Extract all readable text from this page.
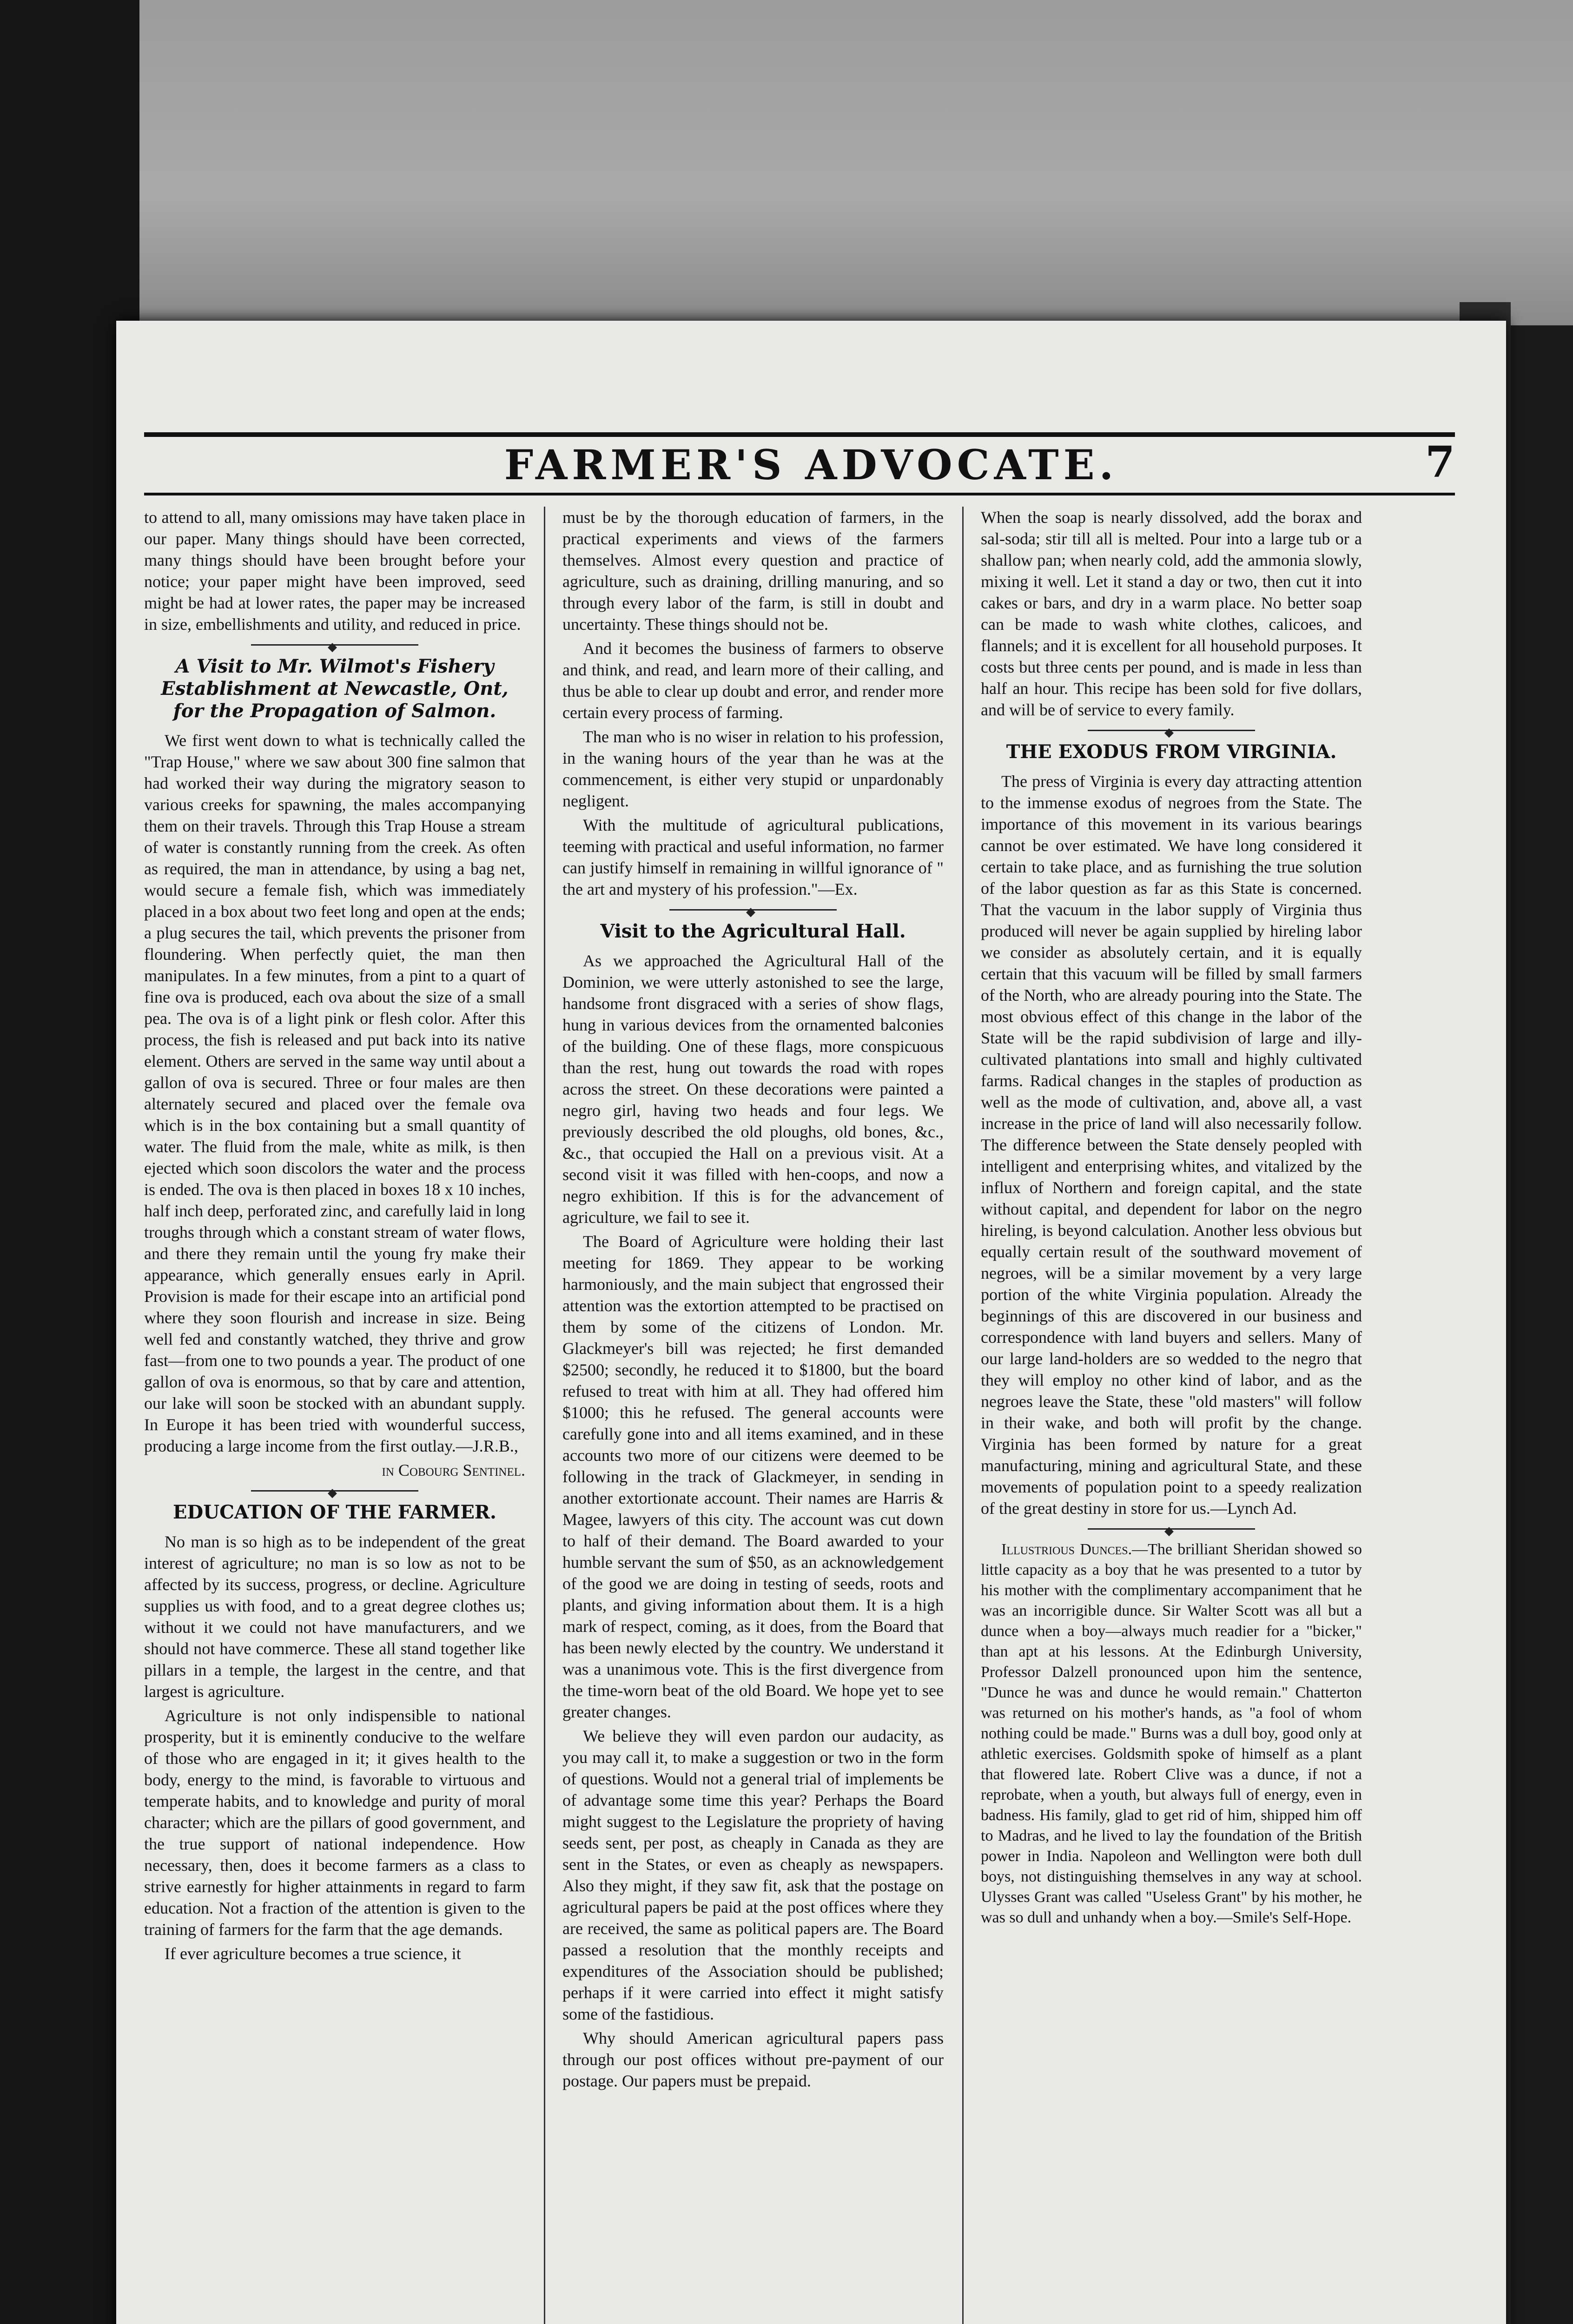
FARMER'S ADVOCATE.	7

to attend to all, many omissions may have taken place in our paper. Many things should have been corrected, many things should have been brought before your notice; your paper might have been improved, seed might be had at lower rates, the paper may be increased in size, embellishments and utility, and reduced in price.

◆
A Visit to Mr. Wilmot's Fishery Establishment at Newcastle, Ont, for the Propagation of Salmon.

We first went down to what is technically called the "Trap House," where we saw about 300 fine salmon that had worked their way during the migratory season to various creeks for spawning, the males accompanying them on their travels. Through this Trap House a stream of water is constantly running from the creek. As often as required, the man in attendance, by using a bag net, would secure a female fish, which was immediately placed in a box about two feet long and open at the ends; a plug secures the tail, which prevents the prisoner from floundering. When perfectly quiet, the man then manipulates. In a few minutes, from a pint to a quart of fine ova is produced, each ova about the size of a small pea. The ova is of a light pink or flesh color. After this process, the fish is released and put back into its native element. Others are served in the same way until about a gallon of ova is secured. Three or four males are then alternately secured and placed over the female ova which is in the box containing but a small quantity of water. The fluid from the male, white as milk, is then ejected which soon discolors the water and the process is ended. The ova is then placed in boxes 18 x 10 inches, half inch deep, perforated zinc, and carefully laid in long troughs through which a constant stream of water flows, and there they remain until the young fry make their appearance, which generally ensues early in April. Provision is made for their escape into an artificial pond where they soon flourish and increase in size. Being well fed and constantly watched, they thrive and grow fast—from one to two pounds a year. The product of one gallon of ova is enormous, so that by care and attention, our lake will soon be stocked with an abundant supply. In Europe it has been tried with wounderful success, producing a large income from the first outlay.—J.R.B.,

in Cobourg Sentinel.

◆
EDUCATION OF THE FARMER.

No man is so high as to be independent of the great interest of agriculture; no man is so low as not to be affected by its success, progress, or decline. Agriculture supplies us with food, and to a great degree clothes us; without it we could not have manufacturers, and we should not have commerce. These all stand together like pillars in a temple, the largest in the centre, and that largest is agriculture.

Agriculture is not only indispensible to national prosperity, but it is eminently conducive to the welfare of those who are engaged in it; it gives health to the body, energy to the mind, is favorable to virtuous and temperate habits, and to knowledge and purity of moral character; which are the pillars of good government, and the true support of national independence. How necessary, then, does it become farmers as a class to strive earnestly for higher attainments in regard to farm education. Not a fraction of the attention is given to the training of farmers for the farm that the age demands.

If ever agriculture becomes a true science, it

must be by the thorough education of farmers, in the practical experiments and views of the farmers themselves. Almost every question and practice of agriculture, such as draining, drilling manuring, and so through every labor of the farm, is still in doubt and uncertainty. These things should not be.

And it becomes the business of farmers to observe and think, and read, and learn more of their calling, and thus be able to clear up doubt and error, and render more certain every process of farming.

The man who is no wiser in relation to his profession, in the waning hours of the year than he was at the commencement, is either very stupid or unpardonably negligent.

With the multitude of agricultural publications, teeming with practical and useful information, no farmer can justify himself in remaining in willful ignorance of " the art and mystery of his profession."—Ex.

◆
Visit to the Agricultural Hall.

As we approached the Agricultural Hall of the Dominion, we were utterly astonished to see the large, handsome front disgraced with a series of show flags, hung in various devices from the ornamented balconies of the building. One of these flags, more conspicuous than the rest, hung out towards the road with ropes across the street. On these decorations were painted a negro girl, having two heads and four legs. We previously described the old ploughs, old bones, &c., &c., that occupied the Hall on a previous visit. At a second visit it was filled with hen-coops, and now a negro exhibition. If this is for the advancement of agriculture, we fail to see it.

The Board of Agriculture were holding their last meeting for 1869. They appear to be working harmoniously, and the main subject that engrossed their attention was the extortion attempted to be practised on them by some of the citizens of London. Mr. Glackmeyer's bill was rejected; he first demanded $2500; secondly, he reduced it to $1800, but the board refused to treat with him at all. They had offered him $1000; this he refused. The general accounts were carefully gone into and all items examined, and in these accounts two more of our citizens were deemed to be following in the track of Glackmeyer, in sending in another extortionate account. Their names are Harris & Magee, lawyers of this city. The account was cut down to half of their demand. The Board awarded to your humble servant the sum of $50, as an acknowledgement of the good we are doing in testing of seeds, roots and plants, and giving information about them. It is a high mark of respect, coming, as it does, from the Board that has been newly elected by the country. We understand it was a unanimous vote. This is the first divergence from the time-worn beat of the old Board. We hope yet to see greater changes.

We believe they will even pardon our audacity, as you may call it, to make a suggestion or two in the form of questions. Would not a general trial of implements be of advantage some time this year? Perhaps the Board might suggest to the Legislature the propriety of having seeds sent, per post, as cheaply in Canada as they are sent in the States, or even as cheaply as newspapers. Also they might, if they saw fit, ask that the postage on agricultural papers be paid at the post offices where they are received, the same as political papers are. The Board passed a resolution that the monthly receipts and expenditures of the Association should be published; perhaps if it were carried into effect it might satisfy some of the fastidious.

Why should American agricultural papers pass through our post offices without pre-payment of our postage. Our papers must be prepaid.

When the soap is nearly dissolved, add the borax and sal-soda; stir till all is melted. Pour into a large tub or a shallow pan; when nearly cold, add the ammonia slowly, mixing it well. Let it stand a day or two, then cut it into cakes or bars, and dry in a warm place. No better soap can be made to wash white clothes, calicoes, and flannels; and it is excellent for all household purposes. It costs but three cents per pound, and is made in less than half an hour. This recipe has been sold for five dollars, and will be of service to every family.

◆
THE EXODUS FROM VIRGINIA.

The press of Virginia is every day attracting attention to the immense exodus of negroes from the State. The importance of this movement in its various bearings cannot be over estimated. We have long considered it certain to take place, and as furnishing the true solution of the labor question as far as this State is concerned. That the vacuum in the labor supply of Virginia thus produced will never be again supplied by hireling labor we consider as absolutely certain, and it is equally certain that this vacuum will be filled by small farmers of the North, who are already pouring into the State. The most obvious effect of this change in the labor of the State will be the rapid subdivision of large and illy-cultivated plantations into small and highly cultivated farms. Radical changes in the staples of production as well as the mode of cultivation, and, above all, a vast increase in the price of land will also necessarily follow. The difference between the State densely peopled with intelligent and enterprising whites, and vitalized by the influx of Northern and foreign capital, and the state without capital, and dependent for labor on the negro hireling, is beyond calculation. Another less obvious but equally certain result of the southward movement of negroes, will be a similar movement by a very large portion of the white Virginia population. Already the beginnings of this are discovered in our business and correspondence with land buyers and sellers. Many of our large land-holders are so wedded to the negro that they will employ no other kind of labor, and as the negroes leave the State, these "old masters" will follow in their wake, and both will profit by the change. Virginia has been formed by nature for a great manufacturing, mining and agricultural State, and these movements of population point to a speedy realization of the great destiny in store for us.—Lynch Ad.

◆

Illustrious Dunces.—The brilliant Sheridan showed so little capacity as a boy that he was presented to a tutor by his mother with the complimentary accompaniment that he was an incorrigible dunce. Sir Walter Scott was all but a dunce when a boy—always much readier for a "bicker," than apt at his lessons. At the Edinburgh University, Professor Dalzell pronounced upon him the sentence, "Dunce he was and dunce he would remain." Chatterton was returned on his mother's hands, as "a fool of whom nothing could be made." Burns was a dull boy, good only at athletic exercises. Goldsmith spoke of himself as a plant that flowered late. Robert Clive was a dunce, if not a reprobate, when a youth, but always full of energy, even in badness. His family, glad to get rid of him, shipped him off to Madras, and he lived to lay the foundation of the British power in India. Napoleon and Wellington were both dull boys, not distinguishing themselves in any way at school. Ulysses Grant was called "Useless Grant" by his mother, he was so dull and unhandy when a boy.—Smile's Self-Hope.
